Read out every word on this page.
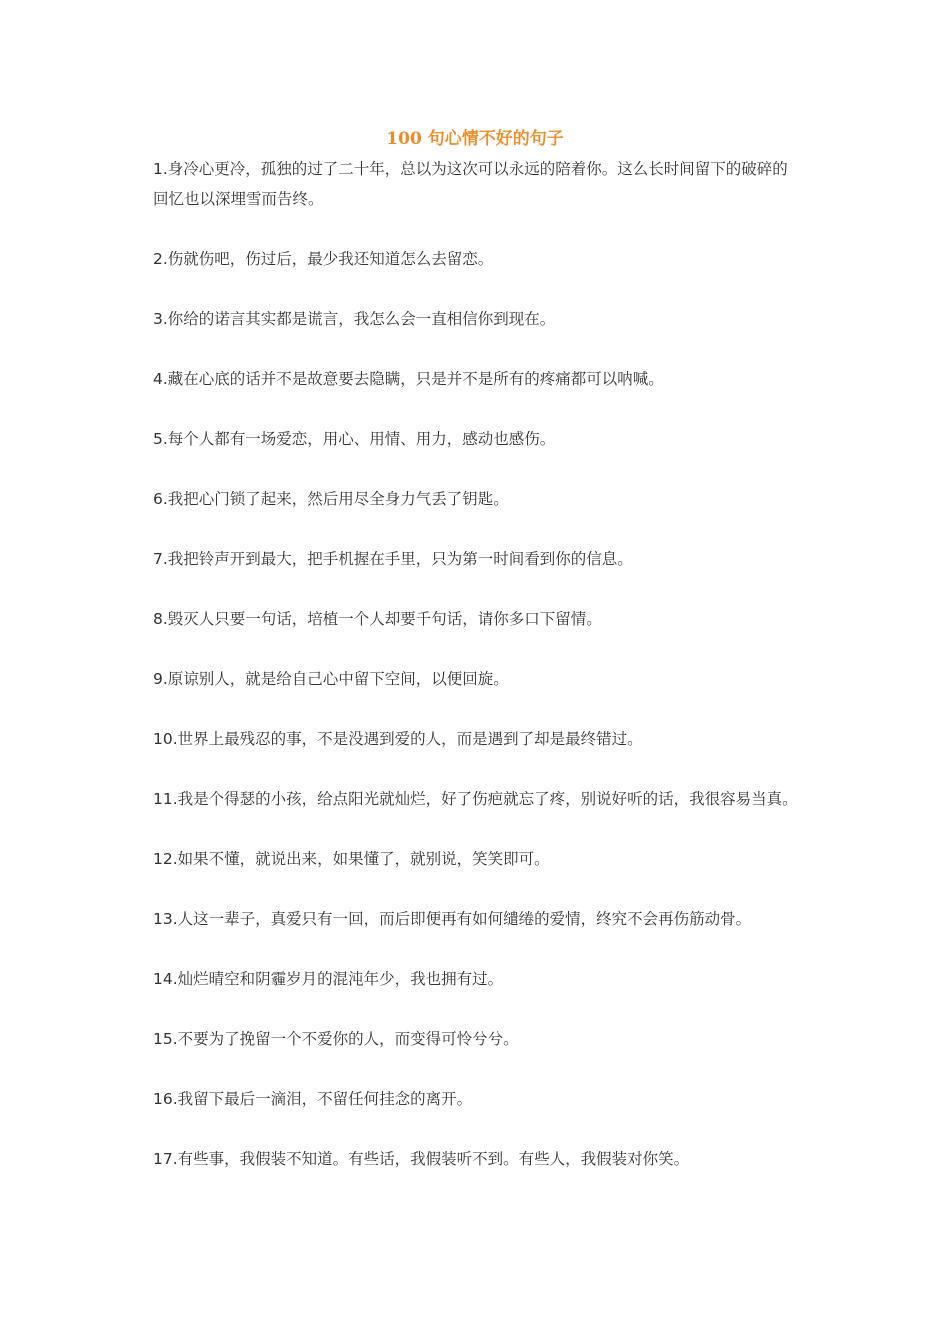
100 句心情不好的句子

1.身冷心更冷，孤独的过了二十年，总以为这次可以永远的陪着你。这么长时间留下的破碎的回忆也以深埋雪而告终。

2.伤就伤吧，伤过后，最少我还知道怎么去留恋。

3.你给的诺言其实都是谎言，我怎么会一直相信你到现在。

4.藏在心底的话并不是故意要去隐瞒，只是并不是所有的疼痛都可以呐喊。

5.每个人都有一场爱恋，用心、用情、用力，感动也感伤。

6.我把心门锁了起来，然后用尽全身力气丢了钥匙。

7.我把铃声开到最大，把手机握在手里，只为第一时间看到你的信息。

8.毁灭人只要一句话，培植一个人却要千句话，请你多口下留情。

9.原谅别人，就是给自己心中留下空间，以便回旋。

10.世界上最残忍的事，不是没遇到爱的人，而是遇到了却是最终错过。

11.我是个得瑟的小孩，给点阳光就灿烂，好了伤疤就忘了疼，别说好听的话，我很容易当真。

12.如果不懂，就说出来，如果懂了，就别说，笑笑即可。

13.人这一辈子，真爱只有一回，而后即便再有如何缱绻的爱情，终究不会再伤筋动骨。

14.灿烂晴空和阴霾岁月的混沌年少，我也拥有过。

15.不要为了挽留一个不爱你的人，而变得可怜兮兮。

16.我留下最后一滴泪，不留任何挂念的离开。

17.有些事，我假装不知道。有些话，我假装听不到。有些人，我假装对你笑。
